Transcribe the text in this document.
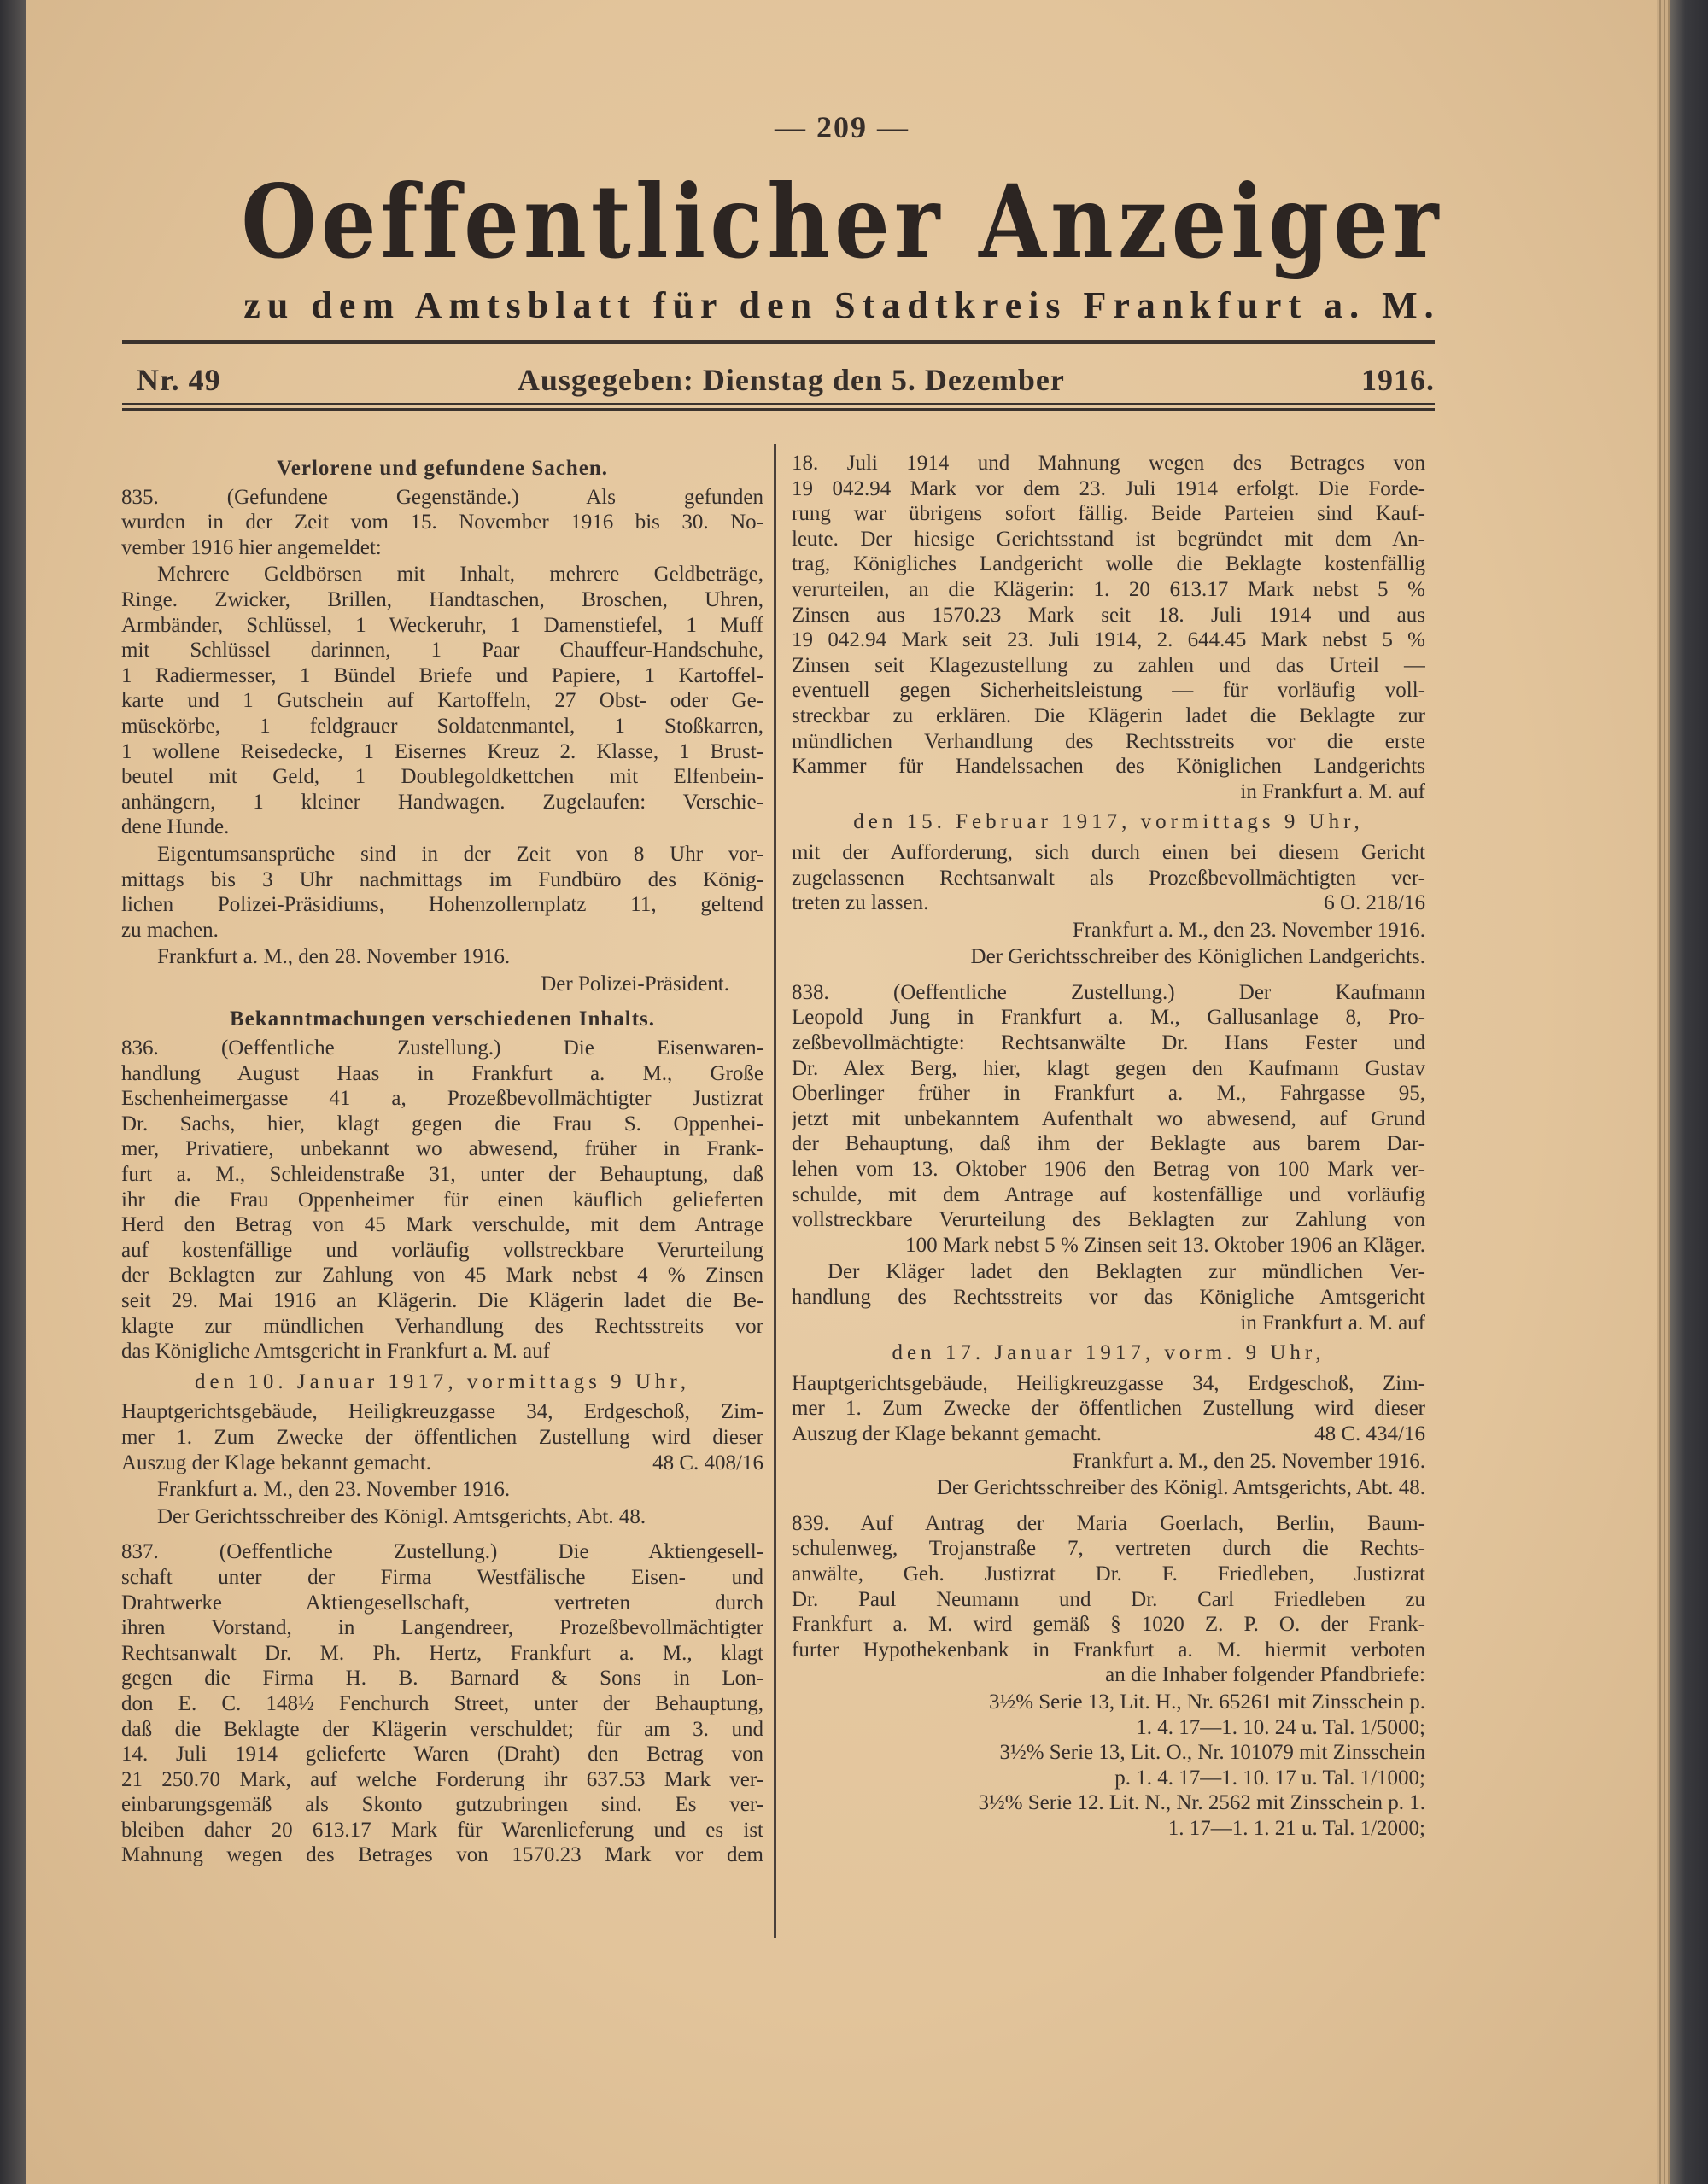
— 209 —
Oeffentlicher Anzeiger
zu dem Amtsblatt für den Stadtkreis Frankfurt a. M.
Nr. 49	Ausgegeben: Dienstag den 5. Dezember	1916.
Verlorene und gefundene Sachen.
835. (Gefundene Gegenstände.) Als gefunden
wurden in der Zeit vom 15. November 1916 bis 30. No-
vember 1916 hier angemeldet:
Mehrere Geldbörsen mit Inhalt, mehrere Geldbeträge,
Ringe. Zwicker, Brillen, Handtaschen, Broschen, Uhren,
Armbänder, Schlüssel, 1 Weckeruhr, 1 Damenstiefel, 1 Muff
mit Schlüssel darinnen, 1 Paar Chauffeur-Handschuhe,
1 Radiermesser, 1 Bündel Briefe und Papiere, 1 Kartoffel-
karte und 1 Gutschein auf Kartoffeln, 27 Obst- oder Ge-
müsekörbe, 1 feldgrauer Soldatenmantel, 1 Stoßkarren,
1 wollene Reisedecke, 1 Eisernes Kreuz 2. Klasse, 1 Brust-
beutel mit Geld, 1 Doublegoldkettchen mit Elfenbein-
anhängern, 1 kleiner Handwagen. Zugelaufen: Verschie-
dene Hunde.
Eigentumsansprüche sind in der Zeit von 8 Uhr vor-
mittags bis 3 Uhr nachmittags im Fundbüro des König-
lichen Polizei-Präsidiums, Hohenzollernplatz 11, geltend
zu machen.
Frankfurt a. M., den 28. November 1916.
Der Polizei-Präsident.
Bekanntmachungen verschiedenen Inhalts.
836. (Oeffentliche Zustellung.) Die Eisenwaren-
handlung August Haas in Frankfurt a. M., Große
Eschenheimergasse 41 a, Prozeßbevollmächtigter Justizrat
Dr. Sachs, hier, klagt gegen die Frau S. Oppenhei-
mer, Privatiere, unbekannt wo abwesend, früher in Frank-
furt a. M., Schleidenstraße 31, unter der Behauptung, daß
ihr die Frau Oppenheimer für einen käuflich gelieferten
Herd den Betrag von 45 Mark verschulde, mit dem Antrage
auf kostenfällige und vorläufig vollstreckbare Verurteilung
der Beklagten zur Zahlung von 45 Mark nebst 4 % Zinsen
seit 29. Mai 1916 an Klägerin. Die Klägerin ladet die Be-
klagte zur mündlichen Verhandlung des Rechtsstreits vor
das Königliche Amtsgericht in Frankfurt a. M. auf
den 10. Januar 1917, vormittags 9 Uhr,
Hauptgerichtsgebäude, Heiligkreuzgasse 34, Erdgeschoß, Zim-
mer 1. Zum Zwecke der öffentlichen Zustellung wird dieser
Auszug der Klage bekannt gemacht.	48 C. 408/16
Frankfurt a. M., den 23. November 1916.
Der Gerichtsschreiber des Königl. Amtsgerichts, Abt. 48.
837. (Oeffentliche Zustellung.) Die Aktiengesell-
schaft unter der Firma Westfälische Eisen- und
Drahtwerke Aktiengesellschaft, vertreten durch
ihren Vorstand, in Langendreer, Prozeßbevollmächtigter
Rechtsanwalt Dr. M. Ph. Hertz, Frankfurt a. M., klagt
gegen die Firma H. B. Barnard & Sons in Lon-
don E. C. 148½ Fenchurch Street, unter der Behauptung,
daß die Beklagte der Klägerin verschuldet; für am 3. und
14. Juli 1914 gelieferte Waren (Draht) den Betrag von
21 250.70 Mark, auf welche Forderung ihr 637.53 Mark ver-
einbarungsgemäß als Skonto gutzubringen sind. Es ver-
bleiben daher 20 613.17 Mark für Warenlieferung und es ist
Mahnung wegen des Betrages von 1570.23 Mark vor dem
18. Juli 1914 und Mahnung wegen des Betrages von
19 042.94 Mark vor dem 23. Juli 1914 erfolgt. Die Forde-
rung war übrigens sofort fällig. Beide Parteien sind Kauf-
leute. Der hiesige Gerichtsstand ist begründet mit dem An-
trag, Königliches Landgericht wolle die Beklagte kostenfällig
verurteilen, an die Klägerin: 1. 20 613.17 Mark nebst 5 %
Zinsen aus 1570.23 Mark seit 18. Juli 1914 und aus
19 042.94 Mark seit 23. Juli 1914, 2. 644.45 Mark nebst 5 %
Zinsen seit Klagezustellung zu zahlen und das Urteil —
eventuell gegen Sicherheitsleistung — für vorläufig voll-
streckbar zu erklären. Die Klägerin ladet die Beklagte zur
mündlichen Verhandlung des Rechtsstreits vor die erste
Kammer für Handelssachen des Königlichen Landgerichts
in Frankfurt a. M. auf
den 15. Februar 1917, vormittags 9 Uhr,
mit der Aufforderung, sich durch einen bei diesem Gericht
zugelassenen Rechtsanwalt als Prozeßbevollmächtigten ver-
treten zu lassen.	6 O. 218/16
Frankfurt a. M., den 23. November 1916.
Der Gerichtsschreiber des Königlichen Landgerichts.
838. (Oeffentliche Zustellung.) Der Kaufmann
Leopold Jung in Frankfurt a. M., Gallusanlage 8, Pro-
zeßbevollmächtigte: Rechtsanwälte Dr. Hans Fester und
Dr. Alex Berg, hier, klagt gegen den Kaufmann Gustav
Oberlinger früher in Frankfurt a. M., Fahrgasse 95,
jetzt mit unbekanntem Aufenthalt wo abwesend, auf Grund
der Behauptung, daß ihm der Beklagte aus barem Dar-
lehen vom 13. Oktober 1906 den Betrag von 100 Mark ver-
schulde, mit dem Antrage auf kostenfällige und vorläufig
vollstreckbare Verurteilung des Beklagten zur Zahlung von
100 Mark nebst 5 % Zinsen seit 13. Oktober 1906 an Kläger.
Der Kläger ladet den Beklagten zur mündlichen Ver-
handlung des Rechtsstreits vor das Königliche Amtsgericht
in Frankfurt a. M. auf
den 17. Januar 1917, vorm. 9 Uhr,
Hauptgerichtsgebäude, Heiligkreuzgasse 34, Erdgeschoß, Zim-
mer 1. Zum Zwecke der öffentlichen Zustellung wird dieser
Auszug der Klage bekannt gemacht.	48 C. 434/16
Frankfurt a. M., den 25. November 1916.
Der Gerichtsschreiber des Königl. Amtsgerichts, Abt. 48.
839. Auf Antrag der Maria Goerlach, Berlin, Baum-
schulenweg, Trojanstraße 7, vertreten durch die Rechts-
anwälte, Geh. Justizrat Dr. F. Friedleben, Justizrat
Dr. Paul Neumann und Dr. Carl Friedleben zu
Frankfurt a. M. wird gemäß § 1020 Z. P. O. der Frank-
furter Hypothekenbank in Frankfurt a. M. hiermit verboten
an die Inhaber folgender Pfandbriefe:
3½% Serie 13, Lit. H., Nr. 65261 mit Zinsschein p.
1. 4. 17—1. 10. 24 u. Tal. 1/5000;
3½% Serie 13, Lit. O., Nr. 101079 mit Zinsschein
p. 1. 4. 17—1. 10. 17 u. Tal. 1/1000;
3½% Serie 12. Lit. N., Nr. 2562 mit Zinsschein p. 1.
1. 17—1. 1. 21 u. Tal. 1/2000;
